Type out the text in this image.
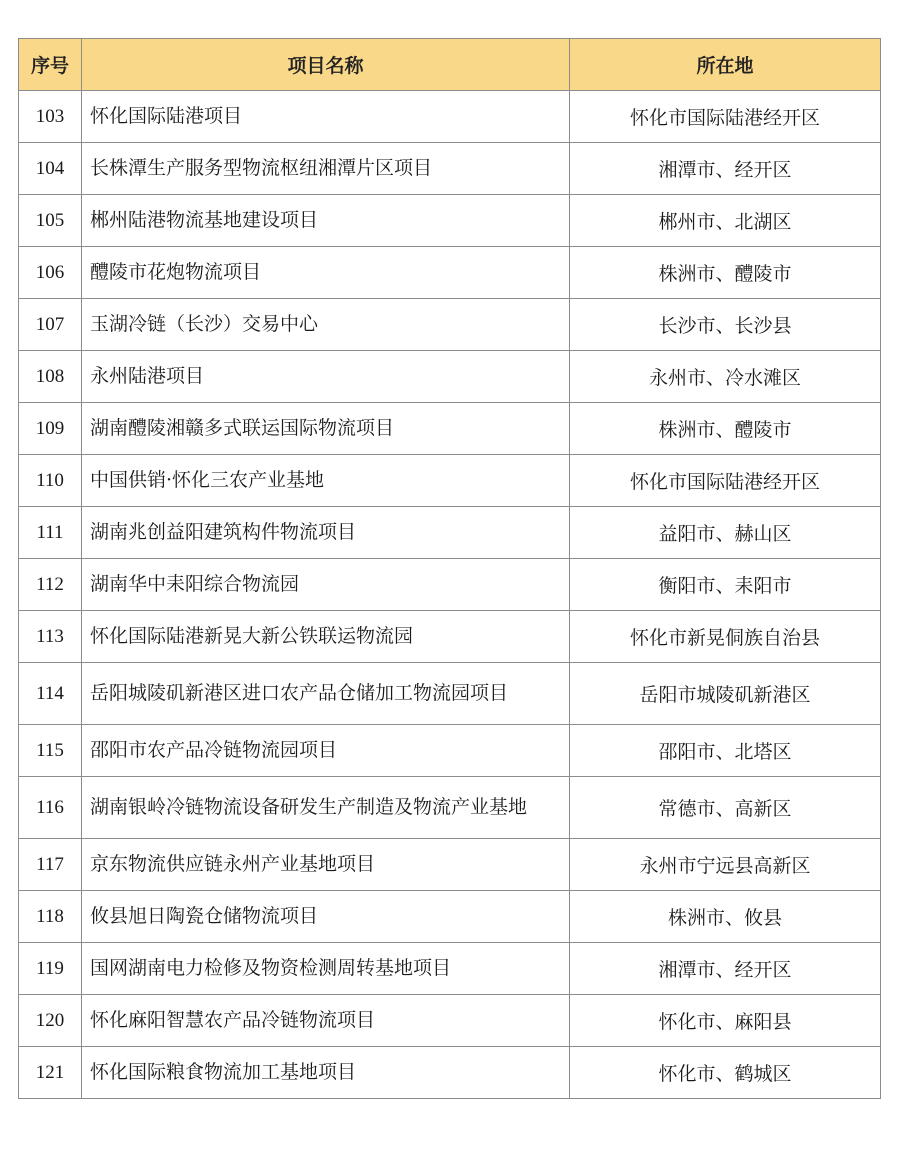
序号	项目名称	所在地
103	怀化国际陆港项目	怀化市国际陆港经开区
104	长株潭生产服务型物流枢纽湘潭片区项目	湘潭市、经开区
105	郴州陆港物流基地建设项目	郴州市、北湖区
106	醴陵市花炮物流项目	株洲市、醴陵市
107	玉湖冷链（长沙）交易中心	长沙市、长沙县
108	永州陆港项目	永州市、冷水滩区
109	湖南醴陵湘赣多式联运国际物流项目	株洲市、醴陵市
110	中国供销·怀化三农产业基地	怀化市国际陆港经开区
111	湖南兆创益阳建筑构件物流项目	益阳市、赫山区
112	湖南华中耒阳综合物流园	衡阳市、耒阳市
113	怀化国际陆港新晃大新公铁联运物流园	怀化市新晃侗族自治县
114	岳阳城陵矶新港区进口农产品仓储加工物流园项目	岳阳市城陵矶新港区
115	邵阳市农产品冷链物流园项目	邵阳市、北塔区
116	湖南银岭冷链物流设备研发生产制造及物流产业基地	常德市、高新区
117	京东物流供应链永州产业基地项目	永州市宁远县高新区
118	攸县旭日陶瓷仓储物流项目	株洲市、攸县
119	国网湖南电力检修及物资检测周转基地项目	湘潭市、经开区
120	怀化麻阳智慧农产品冷链物流项目	怀化市、麻阳县
121	怀化国际粮食物流加工基地项目	怀化市、鹤城区
